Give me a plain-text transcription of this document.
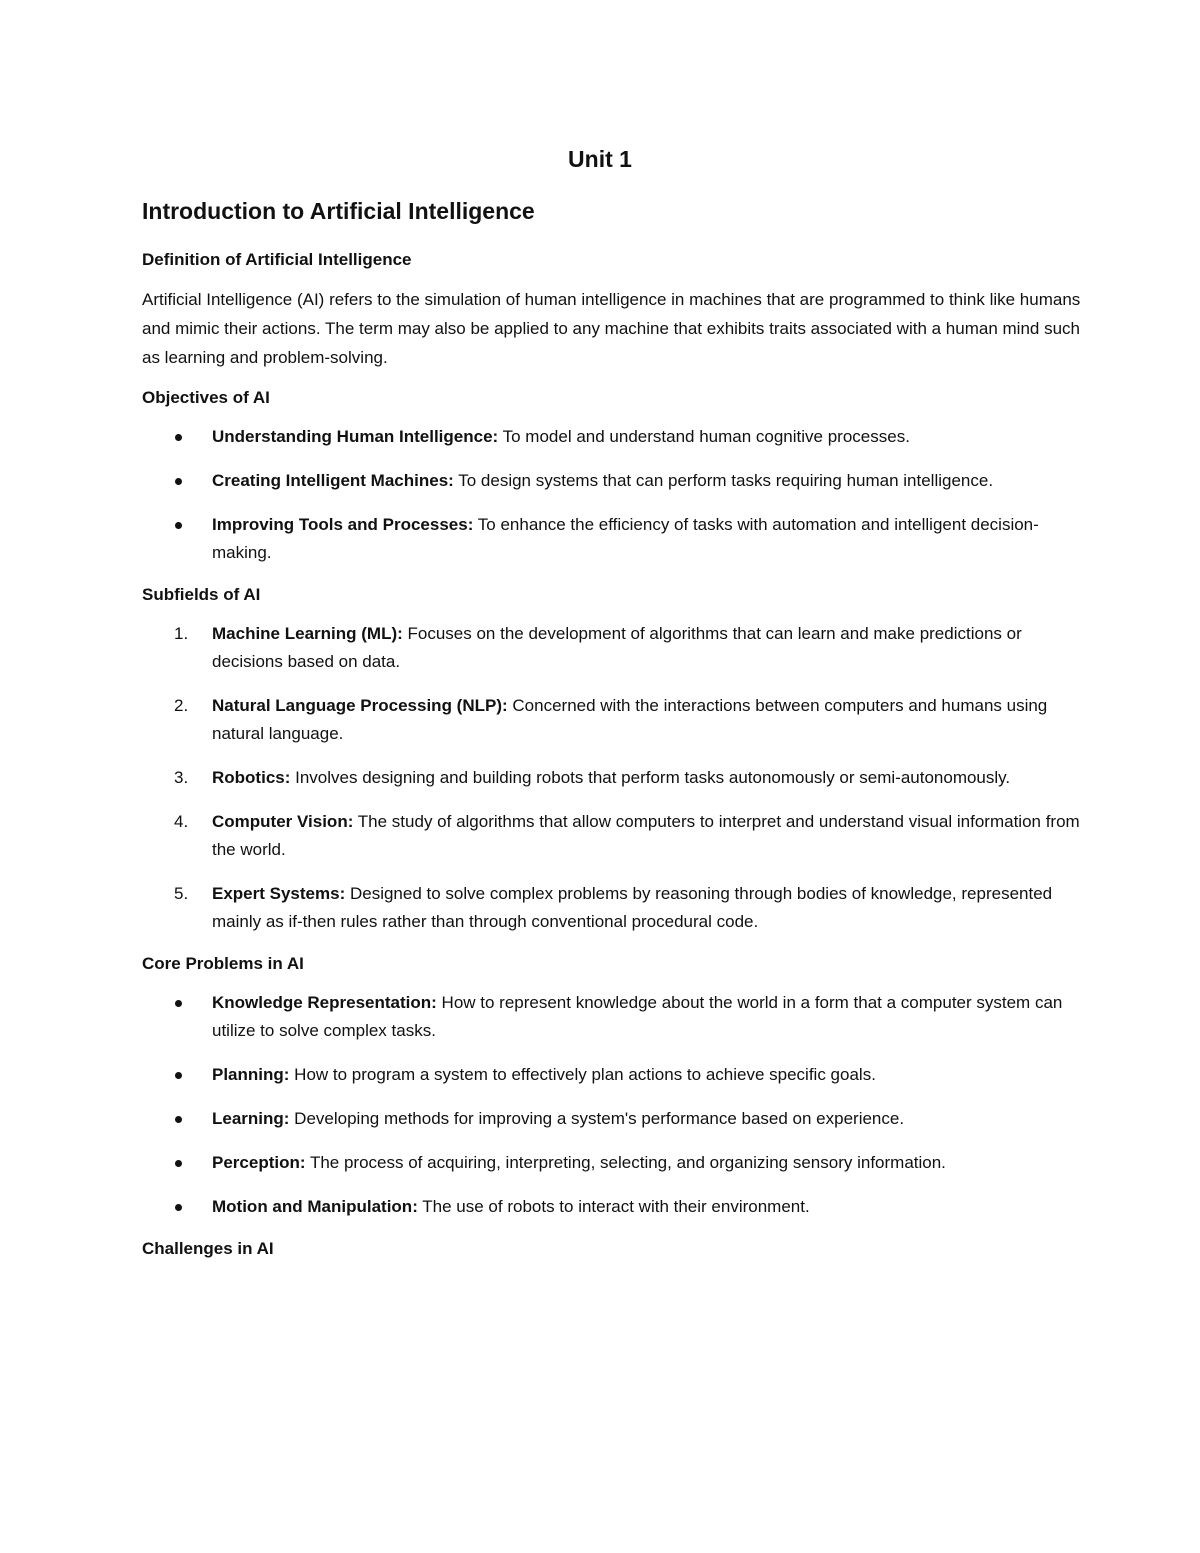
Unit 1
Introduction to Artificial Intelligence
Definition of Artificial Intelligence

Artificial Intelligence (AI) refers to the simulation of human intelligence in machines that are programmed to think like humans and mimic their actions. The term may also be applied to any machine that exhibits traits associated with a human mind such as learning and problem-solving.

Objectives of AI
Understanding Human Intelligence: To model and understand human cognitive processes.
Creating Intelligent Machines: To design systems that can perform tasks requiring human intelligence.
Improving Tools and Processes: To enhance the efficiency of tasks with automation and intelligent decision-making.
Subfields of AI
1.	Machine Learning (ML): Focuses on the development of algorithms that can learn and make predictions or decisions based on data.
2.	Natural Language Processing (NLP): Concerned with the interactions between computers and humans using natural language.
3.	Robotics: Involves designing and building robots that perform tasks autonomously or semi-autonomously.
4.	Computer Vision: The study of algorithms that allow computers to interpret and understand visual information from the world.
5.	Expert Systems: Designed to solve complex problems by reasoning through bodies of knowledge, represented mainly as if-then rules rather than through conventional procedural code.
Core Problems in AI
Knowledge Representation: How to represent knowledge about the world in a form that a computer system can utilize to solve complex tasks.
Planning: How to program a system to effectively plan actions to achieve specific goals.
Learning: Developing methods for improving a system's performance based on experience.
Perception: The process of acquiring, interpreting, selecting, and organizing sensory information.
Motion and Manipulation: The use of robots to interact with their environment.
Challenges in AI
